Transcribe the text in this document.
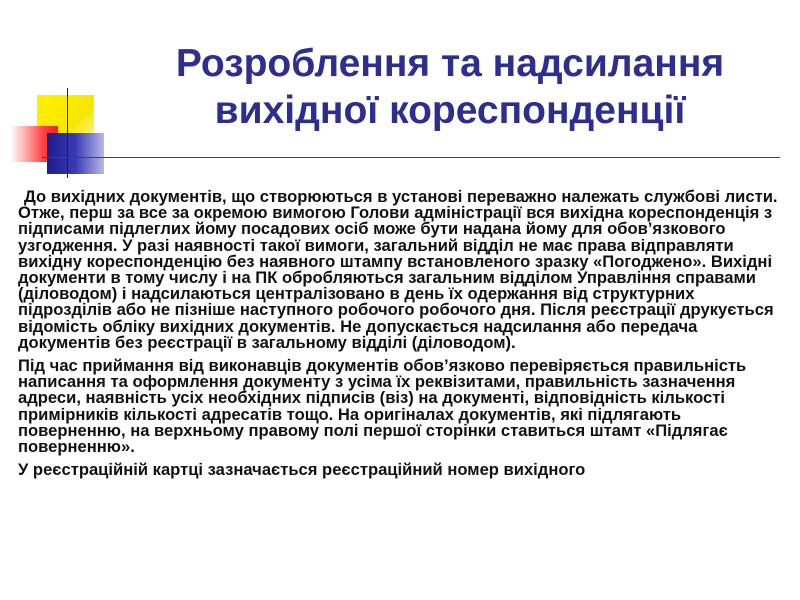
Розроблення та надсилання
вихідної кореспонденції

До вихідних документів, що створюються в установі переважно належать службові листи. Отже, перш за все за окремою вимогою Голови адміністрації вся вихідна кореспонденція з підписами підлеглих йому посадових осіб може бути надана йому для обов’язкового узгодження. У разі наявності такої вимоги, загальний відділ не має права відправляти вихідну кореспонденцію без наявного штампу встановленого зразку «Погоджено». Вихідні документи в тому числу і на ПК обробляються загальним відділом Управління справами (діловодом) і надсилаються централізовано в день їх одержання від структурних підрозділів або не пізніше наступного робочого робочого дня. Після реєстрації друкується відомість обліку вихідних документів. Не допускається надсилання або передача документів без реєстрації в загальному відділі (діловодом).

Під час приймання від виконавців документів обов’язково перевіряється правильність написання та оформлення документу з усіма їх реквізитами, правильність зазначення адреси, наявність усіх необхідних підписів (віз) на документі, відповідність кількості примірників кількості адресатів тощо. На оригіналах документів, які підлягають поверненню, на верхньому правому полі першої сторінки ставиться штамт «Підлягає поверненню».

У реєстраційній картці зазначається реєстраційний номер вихідного
